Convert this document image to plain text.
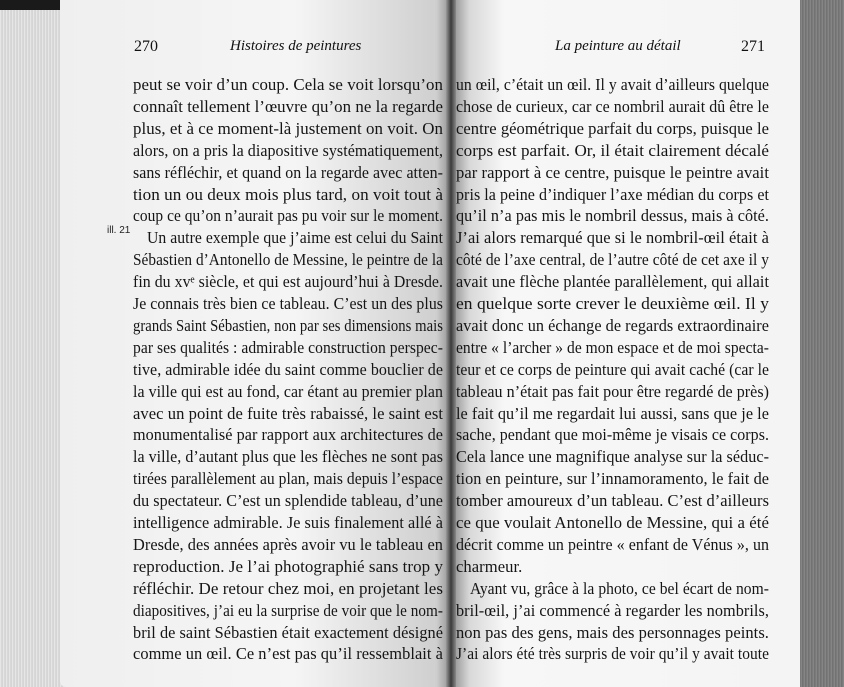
270	Histoires de peintures	La peinture au détail	271
ill. 21
peut se voir d’un coup. Cela se voit lorsqu’on
connaît tellement l’œuvre qu’on ne la regarde
plus, et à ce moment-là justement on voit. On
alors, on a pris la diapositive systématiquement,
sans réfléchir, et quand on la regarde avec atten-
tion un ou deux mois plus tard, on voit tout à
coup ce qu’on n’aurait pas pu voir sur le moment.
Un autre exemple que j’aime est celui du Saint
Sébastien d’Antonello de Messine, le peintre de la
fin du xvᵉ siècle, et qui est aujourd’hui à Dresde.
Je connais très bien ce tableau. C’est un des plus
grands Saint Sébastien, non par ses dimensions mais
par ses qualités : admirable construction perspec-
tive, admirable idée du saint comme bouclier de
la ville qui est au fond, car étant au premier plan
avec un point de fuite très rabaissé, le saint est
monumentalisé par rapport aux architectures de
la ville, d’autant plus que les flèches ne sont pas
tirées parallèlement au plan, mais depuis l’espace
du spectateur. C’est un splendide tableau, d’une
intelligence admirable. Je suis finalement allé à
Dresde, des années après avoir vu le tableau en
reproduction. Je l’ai photographié sans trop y
réfléchir. De retour chez moi, en projetant les
diapositives, j’ai eu la surprise de voir que le nom-
bril de saint Sébastien était exactement désigné
comme un œil. Ce n’est pas qu’il ressemblait à
un œil, c’était un œil. Il y avait d’ailleurs quelque
chose de curieux, car ce nombril aurait dû être le
centre géométrique parfait du corps, puisque le
corps est parfait. Or, il était clairement décalé
par rapport à ce centre, puisque le peintre avait
pris la peine d’indiquer l’axe médian du corps et
qu’il n’a pas mis le nombril dessus, mais à côté.
J’ai alors remarqué que si le nombril-œil était à
côté de l’axe central, de l’autre côté de cet axe il y
avait une flèche plantée parallèlement, qui allait
en quelque sorte crever le deuxième œil. Il y
avait donc un échange de regards extraordinaire
entre « l’archer » de mon espace et de moi specta-
teur et ce corps de peinture qui avait caché (car le
tableau n’était pas fait pour être regardé de près)
le fait qu’il me regardait lui aussi, sans que je le
sache, pendant que moi-même je visais ce corps.
Cela lance une magnifique analyse sur la séduc-
tion en peinture, sur l’innamoramento, le fait de
tomber amoureux d’un tableau. C’est d’ailleurs
ce que voulait Antonello de Messine, qui a été
décrit comme un peintre « enfant de Vénus », un
charmeur.
Ayant vu, grâce à la photo, ce bel écart de nom-
bril-œil, j’ai commencé à regarder les nombrils,
non pas des gens, mais des personnages peints.
J’ai alors été très surpris de voir qu’il y avait toute
